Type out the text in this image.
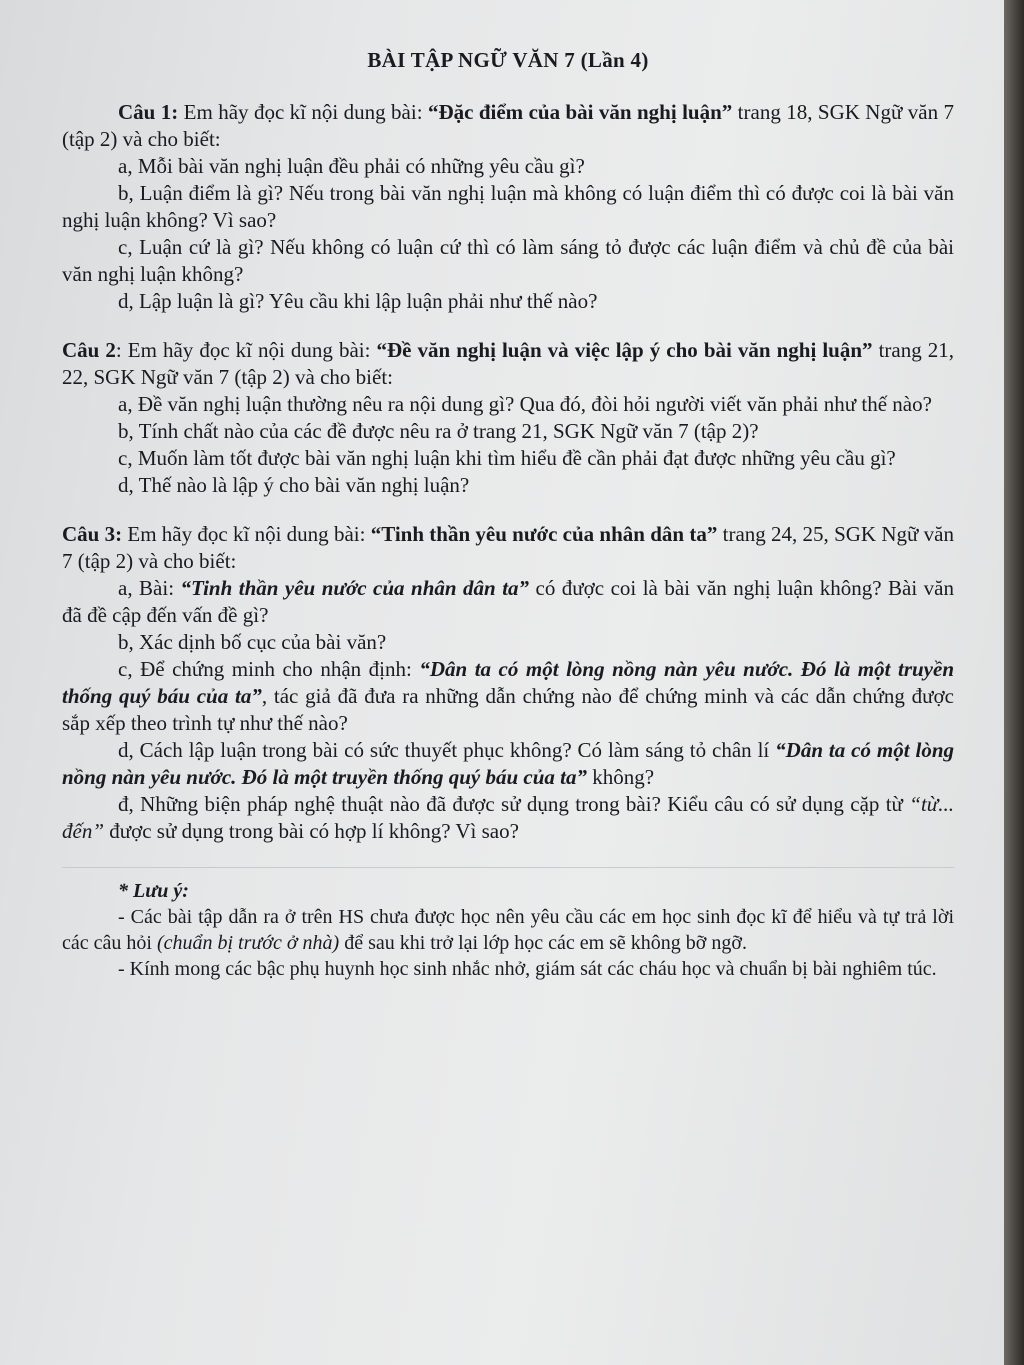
BÀI TẬP NGỮ VĂN 7 (Lần 4)

Câu 1: Em hãy đọc kĩ nội dung bài: “Đặc điểm của bài văn nghị luận” trang 18, SGK Ngữ văn 7 (tập 2) và cho biết:

a, Mỗi bài văn nghị luận đều phải có những yêu cầu gì?

b, Luận điểm là gì? Nếu trong bài văn nghị luận mà không có luận điểm thì có được coi là bài văn nghị luận không? Vì sao?

c, Luận cứ là gì? Nếu không có luận cứ thì có làm sáng tỏ được các luận điểm và chủ đề của bài văn nghị luận không?

d, Lập luận là gì? Yêu cầu khi lập luận phải như thế nào?

Câu 2: Em hãy đọc kĩ nội dung bài: “Đề văn nghị luận và việc lập ý cho bài văn nghị luận” trang 21, 22, SGK Ngữ văn 7 (tập 2) và cho biết:

a, Đề văn nghị luận thường nêu ra nội dung gì? Qua đó, đòi hỏi người viết văn phải như thế nào?

b, Tính chất nào của các đề được nêu ra ở trang 21, SGK Ngữ văn 7 (tập 2)?

c, Muốn làm tốt được bài văn nghị luận khi tìm hiểu đề cần phải đạt được những yêu cầu gì?

d, Thế nào là lập ý cho bài văn nghị luận?

Câu 3: Em hãy đọc kĩ nội dung bài: “Tinh thần yêu nước của nhân dân ta” trang 24, 25, SGK Ngữ văn 7 (tập 2) và cho biết:

a, Bài: “Tinh thần yêu nước của nhân dân ta” có được coi là bài văn nghị luận không? Bài văn đã đề cập đến vấn đề gì?

b, Xác dịnh bố cục của bài văn?

c, Để chứng minh cho nhận định: “Dân ta có một lòng nồng nàn yêu nước. Đó là một truyền thống quý báu của ta”, tác giả đã đưa ra những dẫn chứng nào để chứng minh và các dẫn chứng được sắp xếp theo trình tự như thế nào?

d, Cách lập luận trong bài có sức thuyết phục không? Có làm sáng tỏ chân lí “Dân ta có một lòng nồng nàn yêu nước. Đó là một truyền thống quý báu của ta” không?

đ, Những biện pháp nghệ thuật nào đã được sử dụng trong bài? Kiểu câu có sử dụng cặp từ “từ... đến” được sử dụng trong bài có hợp lí không? Vì sao?

* Lưu ý:

- Các bài tập dẫn ra ở trên HS chưa được học nên yêu cầu các em học sinh đọc kĩ để hiểu và tự trả lời các câu hỏi (chuẩn bị trước ở nhà) để sau khi trở lại lớp học các em sẽ không bỡ ngỡ.

- Kính mong các bậc phụ huynh học sinh nhắc nhở, giám sát các cháu học và chuẩn bị bài nghiêm túc.
